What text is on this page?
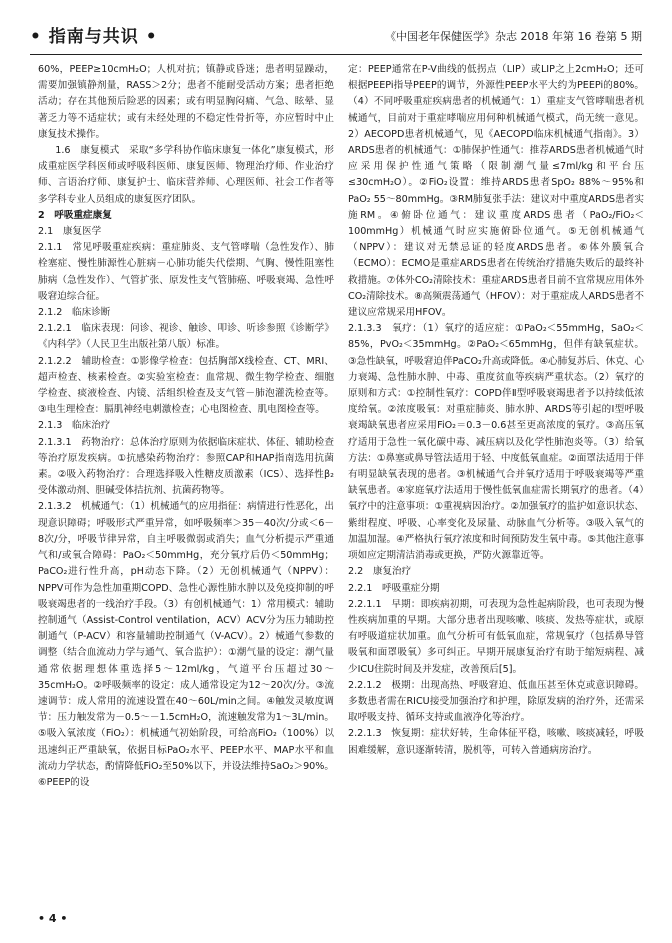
• 指南与共识 •	《中国老年保健医学》杂志 2018 年第 16 卷第 5 期

60%，PEEP≥10cmH₂O；人机对抗；镇静或昏迷；患者明显躁动，需要加强镇静剂量，RASS＞2分；患者不能耐受活动方案；患者拒绝活动；存在其他预后险恶的因素；或有明显胸闷痛、气急、眩晕、显著乏力等不适症状；或有未经处理的不稳定性骨折等，亦应暂时中止康复技术操作。

1.6　康复模式　采取“多学科协作临床康复一体化”康复模式，形成重症医学科医师或呼吸科医师、康复医师、物理治疗师、作业治疗师、言语治疗师、康复护士、临床营养师、心理医师、社会工作者等多学科专业人员组成的康复医疗团队。

2　呼吸重症康复

2.1　康复医学

2.1.1　常见呼吸重症疾病：重症肺炎、支气管哮喘（急性发作）、肺栓塞症、慢性肺源性心脏病－心肺功能失代偿期、气胸、慢性阻塞性肺病（急性发作）、气管扩张、原发性支气管肺癌、呼吸衰竭、急性呼吸窘迫综合征。

2.1.2　临床诊断

2.1.2.1　临床表现：问诊、视诊、触诊、叩诊、听诊参照《诊断学》《内科学》（人民卫生出版社第八版）标准。

2.1.2.2　辅助检查：①影像学检查：包括胸部X线检查、CT、MRI、超声检查、核素检查。②实验室检查：血常规、微生物学检查、细胞学检查、痰液检查、内镜、活组织检查及支气管－肺泡灌洗检查等。③电生理检查：膈肌神经电刺激检查；心电图检查、肌电图检查等。

2.1.3　临床治疗

2.1.3.1　药物治疗：总体治疗原则为依据临床症状、体征、辅助检查等治疗原发疾病。①抗感染药物治疗：参照CAP和HAP指南选用抗菌素。②吸入药物治疗：合理选择吸入性糖皮质激素（ICS）、选择性β₂受体激动剂、胆碱受体拮抗剂、抗菌药物等。

2.1.3.2　机械通气：（1）机械通气的应用指征：病情进行性恶化，出现意识障碍；呼吸形式严重异常，如呼吸频率＞35－40次/分或＜6－8次/分，呼吸节律异常，自主呼吸微弱或消失；血气分析提示严重通气和/或氧合障碍：PaO₂＜50mmHg，充分氧疗后仍＜50mmHg；PaCO₂进行性升高，pH动态下降。（2）无创机械通气（NPPV）：NPPV可作为急性加重期COPD、急性心源性肺水肿以及免疫抑制的呼吸衰竭患者的一线治疗手段。（3）有创机械通气：1）常用模式：辅助控制通气（Assist-Control ventilation，ACV）ACV分为压力辅助控制通气（P-ACV）和容量辅助控制通气（V-ACV）。2）械通气参数的调整（结合血流动力学与通气、氧合监护）：①潮气量的设定：潮气量通常依据理想体重选择5～12ml/kg，气道平台压超过30～35cmH₂O。②呼吸频率的设定：成人通常设定为12～20次/分。③流速调节：成人常用的流速设置在40～60L/min之间。④触发灵敏度调节：压力触发常为－0.5～－1.5cmH₂O，流速触发常为1～3L/min。⑤吸入氧浓度（FiO₂）：机械通气初始阶段，可给高FiO₂（100%）以迅速纠正严重缺氧，依据目标PaO₂水平、PEEP水平、MAP水平和血流动力学状态，酌情降低FiO₂至50%以下，并设法维持SaO₂＞90%。⑥PEEP的设

定：PEEP通常在P-V曲线的低拐点（LIP）或LIP之上2cmH₂O；还可根据PEEPi指导PEEP的调节，外源性PEEP水平大约为PEEPi的80%。（4）不同呼吸重症疾病患者的机械通气：1）重症支气管哮喘患者机械通气，目前对于重症哮喘应用何种机械通气模式，尚无统一意见。2）AECOPD患者机械通气，见《AECOPD临床机械通气指南》。3）ARDS患者的机械通气：①肺保护性通气：推荐ARDS患者机械通气时应采用保护性通气策略（限制潮气量≤7ml/kg和平台压≤30cmH₂O）。②FiO₂设置：维持ARDS患者SpO₂ 88%～95%和PaO₂ 55～80mmHg。③RM肺复张手法：建议对中重度ARDS患者实施RM。④俯卧位通气：建议重度ARDS患者（PaO₂/FiO₂＜100mmHg）机械通气时应实施俯卧位通气。⑤无创机械通气（NPPV）：建议对无禁忌证的轻度ARDS患者。⑥体外膜氧合（ECMO）：ECMO是重症ARDS患者在传统治疗措施失败后的最终补救措施。⑦体外CO₂清除技术：重症ARDS患者目前不宜常规应用体外CO₂清除技术。⑧高频震荡通气（HFOV）：对于重症成人ARDS患者不建议应常规采用HFOV。

2.1.3.3　氧疗：（1）氧疗的适应症：①PaO₂＜55mmHg，SaO₂＜85%，PvO₂＜35mmHg。②PaO₂＜65mmHg，但伴有缺氧症状。③急性缺氧，呼吸窘迫伴PaCO₂升高或降低。④心肺复苏后、休克、心力衰竭、急性肺水肿、中毒、重度贫血等疾病严重状态。（2）氧疗的原则和方式：①控制性氧疗：COPD伴Ⅱ型呼吸衰竭患者予以持续低浓度给氧。②浓度吸氧：对重症肺炎、肺水肿、ARDS等引起的Ⅰ型呼吸衰竭缺氧患者应采用FiO₂＝0.3－0.6甚至更高浓度的氧疗。③高压氧疗适用于急性一氧化碳中毒、减压病以及化学性肺泡炎等。（3）给氧方法：①鼻塞或鼻导管法适用于轻、中度低氧血症。②面罩法适用于伴有明显缺氧表现的患者。③机械通气合并氧疗适用于呼吸衰竭等严重缺氧患者。④家庭氧疗法适用于慢性低氧血症需长期氧疗的患者。（4）氧疗中的注意事项：①重视病因治疗。②加强氧疗的监护如意识状态、紫绀程度、呼吸、心率变化及尿量、动脉血气分析等。③吸入氧气的加温加湿。④严格执行氧疗浓度和时间预防发生氧中毒。⑤其他注意事项如应定期清洁消毒或更换，严防火源靠近等。

2.2　康复治疗

2.2.1　呼吸重症分期

2.2.1.1　早期：即疾病初期，可表现为急性起病阶段，也可表现为慢性疾病加重的早期。大部分患者出现咳嗽、咳痰、发热等症状，或原有呼吸道症状加重。血气分析可有低氧血症，常规氧疗（包括鼻导管吸氧和面罩吸氧）多可纠正。早期开展康复治疗有助于缩短病程、减少ICU住院时间及并发症，改善预后[5]。

2.2.1.2　极期：出现高热、呼吸窘迫、低血压甚至休克或意识障碍。多数患者需在RICU接受加强治疗和护理，除原发病的治疗外，还需采取呼吸支持、循环支持或血液净化等治疗。

2.2.1.3　恢复期：症状好转，生命体征平稳，咳嗽、咳痰减轻，呼吸困难缓解，意识逐渐转清，脱机等，可转入普通病房治疗。

• 4 •
